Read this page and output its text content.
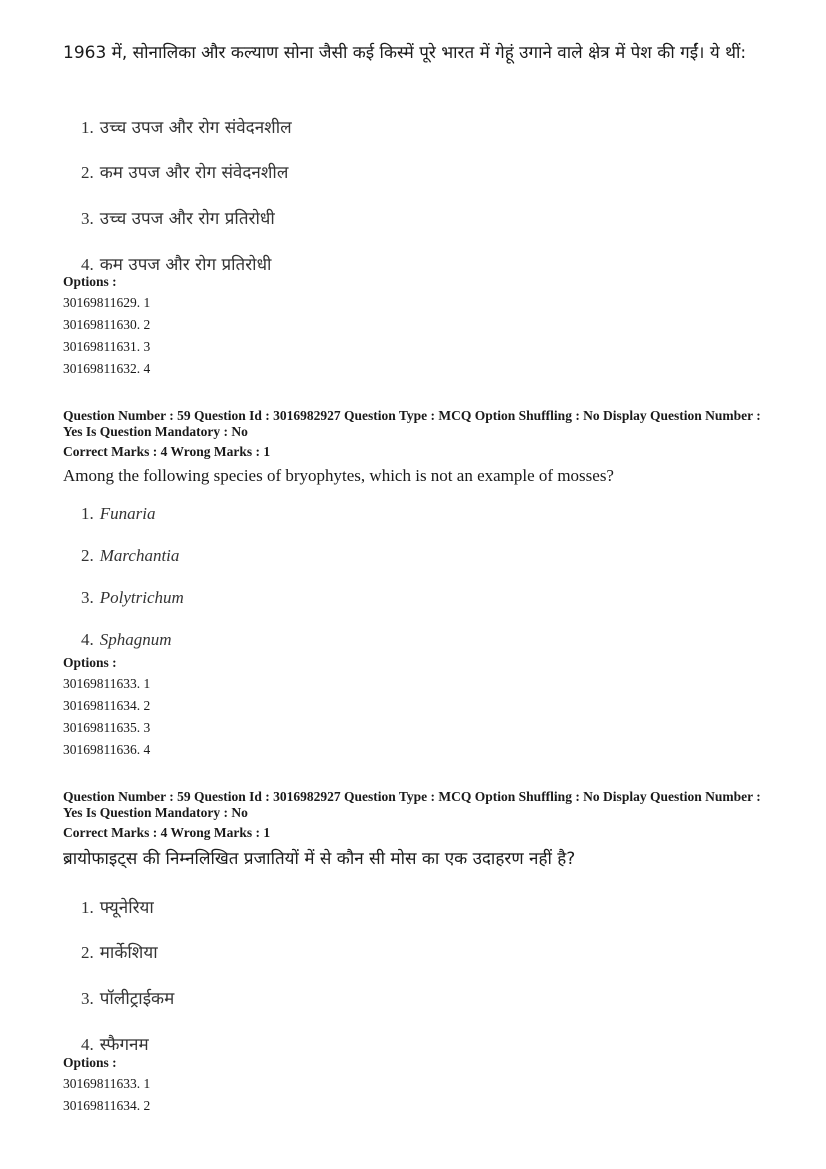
1963 में, सोनालिका और कल्याण सोना जैसी कई किस्में पूरे भारत में गेहूं उगाने वाले क्षेत्र में पेश की गईं। ये थीं:
1. उच्च उपज और रोग संवेदनशील
2. कम उपज और रोग संवेदनशील
3. उच्च उपज और रोग प्रतिरोधी
4. कम उपज और रोग प्रतिरोधी
Options :
30169811629. 1
30169811630. 2
30169811631. 3
30169811632. 4
Question Number : 59 Question Id : 3016982927 Question Type : MCQ Option Shuffling : No Display Question Number : Yes Is Question Mandatory : No
Correct Marks : 4 Wrong Marks : 1
Among the following species of bryophytes, which is not an example of mosses?
1. Funaria
2. Marchantia
3. Polytrichum
4. Sphagnum
Options :
30169811633. 1
30169811634. 2
30169811635. 3
30169811636. 4
Question Number : 59 Question Id : 3016982927 Question Type : MCQ Option Shuffling : No Display Question Number : Yes Is Question Mandatory : No
Correct Marks : 4 Wrong Marks : 1
ब्रायोफाइट्स की निम्नलिखित प्रजातियों में से कौन सी मोस का एक उदाहरण नहीं है?
1. फ्यूनेरिया
2. मार्केशिया
3. पॉलीट्राईकम
4. स्फैगनम
Options :
30169811633. 1
30169811634. 2
